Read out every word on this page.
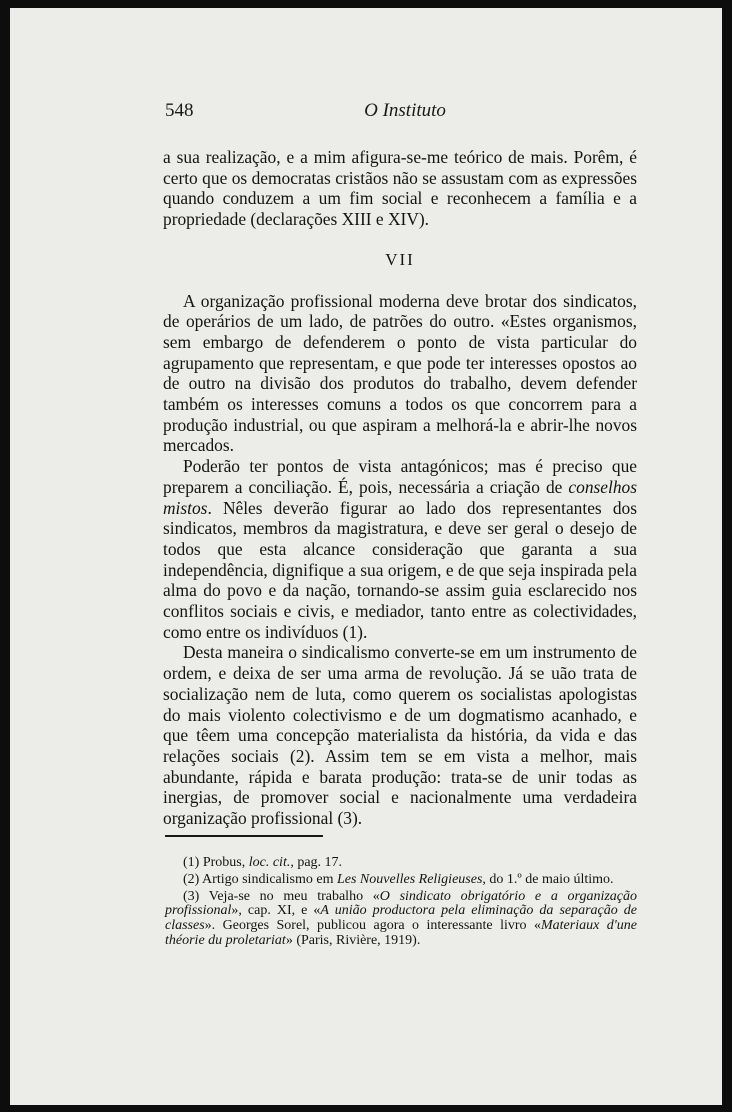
548	O Instituto

a sua realização, e a mim afigura-se-me teórico de mais. Porêm, é certo que os democratas cristãos não se assustam com as expressões quando conduzem a um fim social e reconhecem a família e a propriedade (declarações XIII e XIV).

VII

A organização profissional moderna deve brotar dos sindicatos, de operários de um lado, de patrões do outro. «Estes organismos, sem embargo de defenderem o ponto de vista particular do agrupamento que representam, e que pode ter interesses opostos ao de outro na divisão dos produtos do trabalho, devem defender também os interesses comuns a todos os que concorrem para a produção industrial, ou que aspiram a melhorá-la e abrir-lhe novos mercados.

Poderão ter pontos de vista antagónicos; mas é preciso que preparem a conciliação. É, pois, necessária a criação de conselhos mistos. Nêles deverão figurar ao lado dos representantes dos sindicatos, membros da magistratura, e deve ser geral o desejo de todos que esta alcance consideração que garanta a sua independência, dignifique a sua origem, e de que seja inspirada pela alma do povo e da nação, tornando-se assim guia esclarecido nos conflitos sociais e civis, e mediador, tanto entre as colectividades, como entre os indivíduos (1).

Desta maneira o sindicalismo converte-se em um instrumento de ordem, e deixa de ser uma arma de revolução. Já se uão trata de socialização nem de luta, como querem os socialistas apologistas do mais violento colectivismo e de um dogmatismo acanhado, e que têem uma concepção materialista da história, da vida e das relações sociais (2). Assim tem se em vista a melhor, mais abundante, rápida e barata produção: trata-se de unir todas as inergias, de promover social e nacionalmente uma verdadeira organização profissional (3).

(1) Probus, loc. cit., pag. 17.

(2) Artigo sindicalismo em Les Nouvelles Religieuses, do 1.º de maio último.

(3) Veja-se no meu trabalho «O sindicato obrigatório e a organização profissional», cap. XI, e «A união productora pela eliminação da separação de classes». Georges Sorel, publicou agora o interessante livro «Materiaux d'une théorie du proletariat» (Paris, Rivière, 1919).
